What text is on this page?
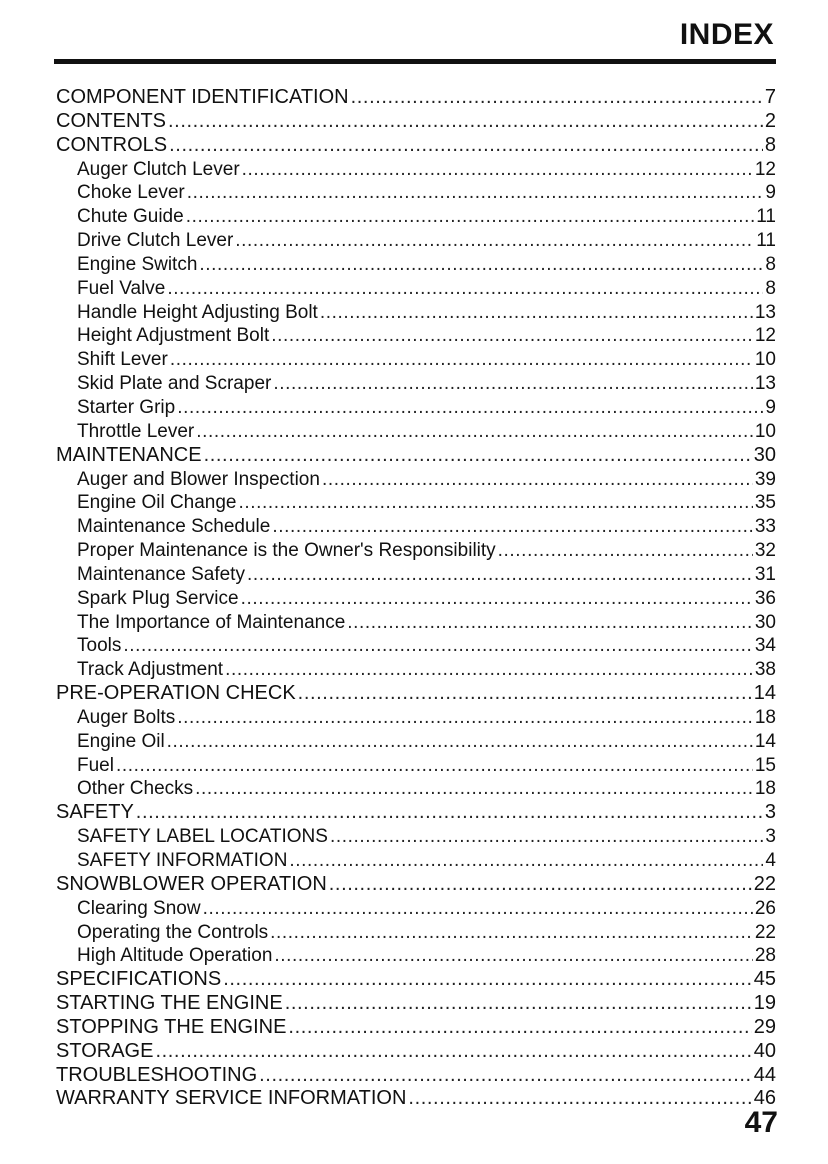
INDEX
COMPONENT IDENTIFICATION .....	7
CONTENTS .....	2
CONTROLS .....	8
Auger Clutch Lever .....	12
Choke Lever .....	9
Chute Guide .....	11
Drive Clutch Lever .....	11
Engine Switch .....	8
Fuel Valve .....	8
Handle Height Adjusting Bolt .....	13
Height Adjustment Bolt .....	12
Shift Lever .....	10
Skid Plate and Scraper .....	13
Starter Grip .....	9
Throttle Lever .....	10
MAINTENANCE .....	30
Auger and Blower Inspection .....	39
Engine Oil Change .....	35
Maintenance Schedule .....	33
Proper Maintenance is the Owner's Responsibility .....	32
Maintenance Safety .....	31
Spark Plug Service .....	36
The Importance of Maintenance .....	30
Tools .....	34
Track Adjustment .....	38
PRE-OPERATION CHECK .....	14
Auger Bolts .....	18
Engine Oil .....	14
Fuel .....	15
Other Checks .....	18
SAFETY .....	3
SAFETY LABEL LOCATIONS .....	3
SAFETY INFORMATION .....	4
SNOWBLOWER OPERATION .....	22
Clearing Snow .....	26
Operating the Controls .....	22
High Altitude Operation .....	28
SPECIFICATIONS .....	45
STARTING THE ENGINE .....	19
STOPPING THE ENGINE .....	29
STORAGE .....	40
TROUBLESHOOTING .....	44
WARRANTY SERVICE INFORMATION .....	46
47
